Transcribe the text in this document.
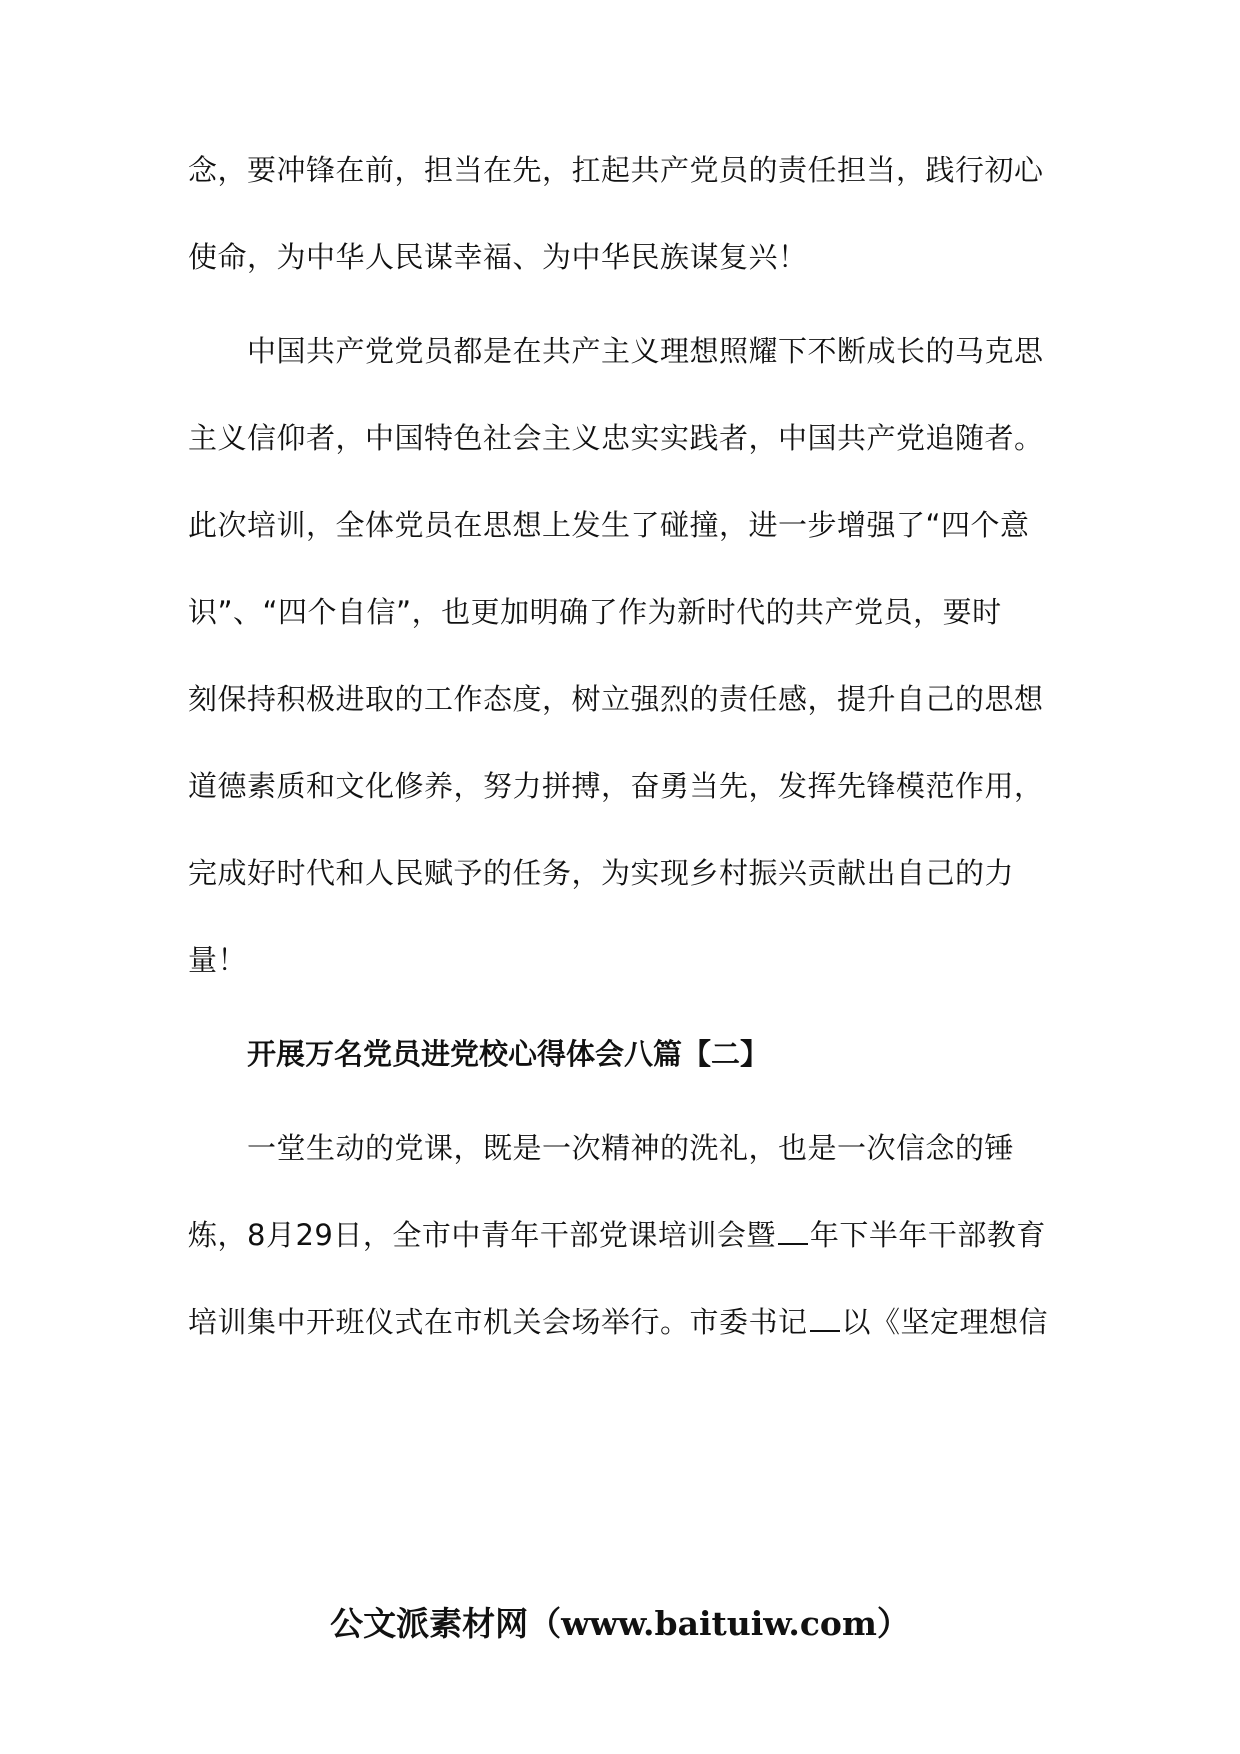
念，要冲锋在前，担当在先，扛起共产党员的责任担当，践行初心
使命，为中华人民谋幸福、为中华民族谋复兴！
中国共产党党员都是在共产主义理想照耀下不断成长的马克思
主义信仰者，中国特色社会主义忠实实践者，中国共产党追随者。
此次培训，全体党员在思想上发生了碰撞，进一步增强了“四个意
识”、“四个自信”，也更加明确了作为新时代的共产党员，要时
刻保持积极进取的工作态度，树立强烈的责任感，提升自己的思想
道德素质和文化修养，努力拼搏，奋勇当先，发挥先锋模范作用，
完成好时代和人民赋予的任务，为实现乡村振兴贡献出自己的力
量！
开展万名党员进党校心得体会八篇【二】
一堂生动的党课，既是一次精神的洗礼，也是一次信念的锤
炼，8月29日，全市中青年干部党课培训会暨 年下半年干部教育
培训集中开班仪式在市机关会场举行。市委书记 以《坚定理想信
公文派素材网（www.baituiw.com）
